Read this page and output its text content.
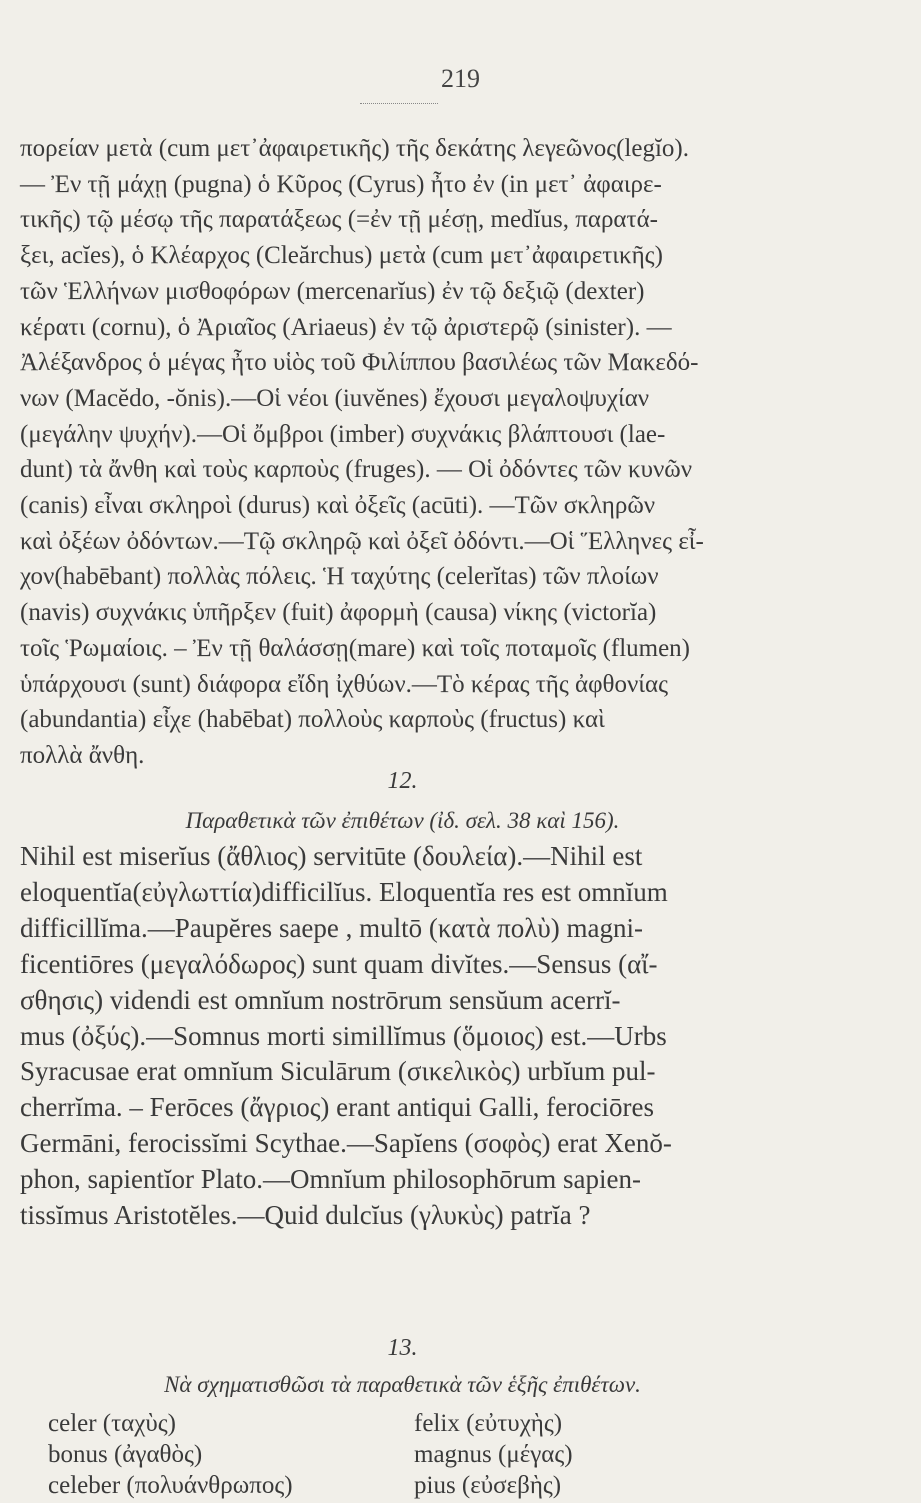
219
πορείαν μετὰ (cum μετ᾽ἀφαιρετικῆς) τῆς δεκάτης λεγεῶνος(legĭo).
— Ἐν τῇ μάχῃ (pugna) ὁ Κῦρος (Cyrus) ἦτο ἐν (in μετ᾽ ἀφαιρε-
τικῆς) τῷ μέσῳ τῆς παρατάξεως (=ἐν τῇ μέσῃ, medĭus, παρατά-
ξει, acĭes), ὁ Κλέαρχος (Cleărchus) μετὰ (cum μετ᾽ἀφαιρετικῆς)
τῶν Ἑλλήνων μισθοφόρων (mercenarĭus) ἐν τῷ δεξιῷ (dexter)
κέρατι (cornu), ὁ Ἀριαῖος (Ariaeus) ἐν τῷ ἀριστερῷ (sinister). —
Ἀλέξανδρος ὁ μέγας ἦτο υἱὸς τοῦ Φιλίππου βασιλέως τῶν Μακεδό-
νων (Macĕdo, -ŏnis).—Οἱ νέοι (iuvĕnes) ἔχουσι μεγαλοψυχίαν
(μεγάλην ψυχήν).—Οἱ ὄμβροι (imber) συχνάκις βλάπτουσι (lae-
dunt) τὰ ἄνθη καὶ τοὺς καρποὺς (fruges). — Οἱ ὀδόντες τῶν κυνῶν
(canis) εἶναι σκληροὶ (durus) καὶ ὀξεῖς (acūti). —Τῶν σκληρῶν
καὶ ὀξέων ὀδόντων.—Τῷ σκληρῷ καὶ ὀξεῖ ὀδόντι.—Οἱ Ἕλληνες εἶ-
χον(habēbant) πολλὰς πόλεις. Ἡ ταχύτης (celerĭtas) τῶν πλοίων
(navis) συχνάκις ὑπῆρξεν (fuit) ἀφορμὴ (causa) νίκης (victorĭa)
τοῖς Ῥωμαίοις. – Ἐν τῇ θαλάσσῃ(mare) καὶ τοῖς ποταμοῖς (flumen)
ὑπάρχουσι (sunt) διάφορα εἴδη ἰχθύων.—Τὸ κέρας τῆς ἀφθονίας
(abundantia) εἶχε (habēbat) πολλοὺς καρποὺς (fructus) καὶ
πολλὰ ἄνθη.
12.
Παραθετικὰ τῶν ἐπιθέτων (ἰδ. σελ. 38 καὶ 156).
Nihil est miserĭus (ἄθλιος) servitūte (δουλεία).—Nihil est
eloquentĭa(εὐγλωττία)difficilĭus. Eloquentĭa res est omnĭum
difficillĭma.—Paupĕres saepe , multō (κατὰ πολὺ) magni-
ficentiōres (μεγαλόδωρος) sunt quam divĭtes.—Sensus (αἴ-
σθησις) videndi est omnĭum nostrōrum sensŭum acerrĭ-
mus (ὀξύς).—Somnus morti simillĭmus (ὅμοιος) est.—Urbs
Syracusae erat omnĭum Siculārum (σικελικὸς) urbĭum pul-
cherrĭma. – Ferōces (ἄγριος) erant antiqui Galli, ferociōres
Germāni, ferocissĭmi Scythae.—Sapĭens (σοφὸς) erat Xenŏ-
phon, sapientĭor Plato.—Omnĭum philosophōrum sapien-
tissĭmus Aristotĕles.—Quid dulcĭus (γλυκὺς) patrĭa ?
13.
Νὰ σχηματισθῶσι τὰ παραθετικὰ τῶν ἑξῆς ἐπιθέτων.
celer (ταχὺς)	felix (εὐτυχὴς)
bonus (ἀγαθὸς)	magnus (μέγας)
celeber (πολυάνθρωπος)	pius (εὐσεβὴς)
